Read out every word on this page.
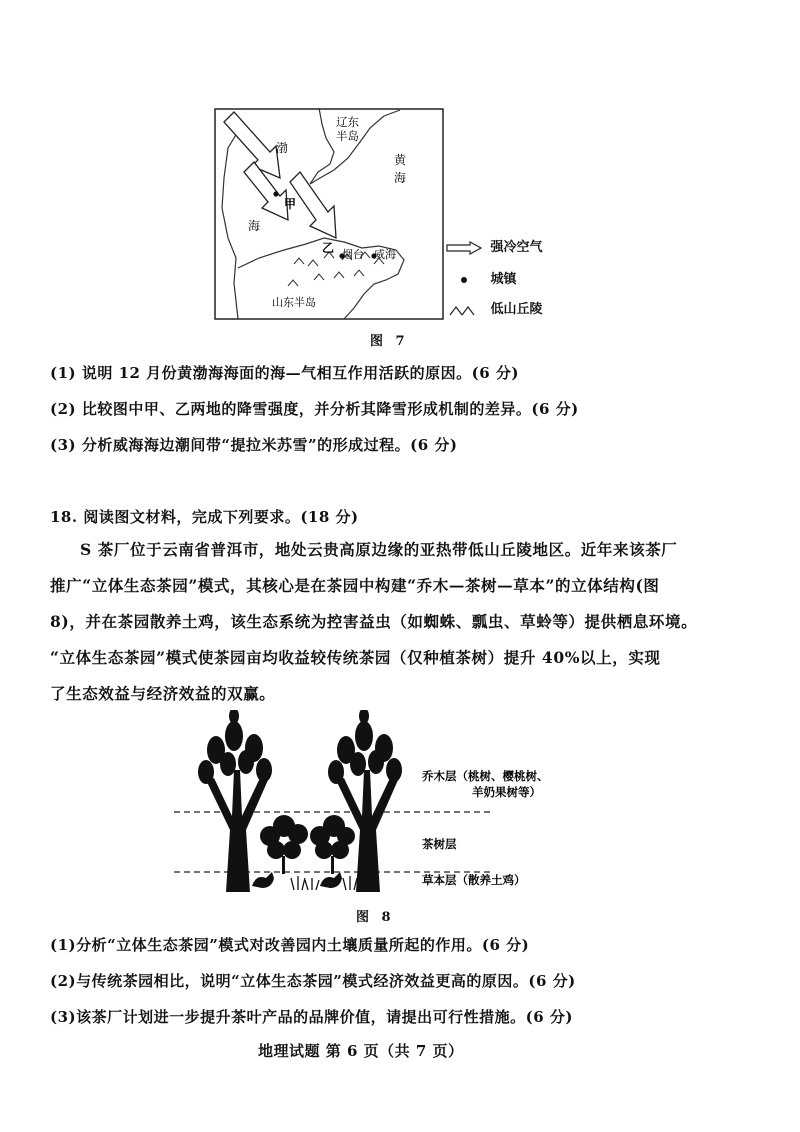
辽东
半岛
渤
海
黄
海
甲
乙 烟台 威海
山东半岛
强冷空气
城镇
低山丘陵
图 7
(1) 说明 12 月份黄渤海海面的海—气相互作用活跃的原因。(6 分)
(2) 比较图中甲、乙两地的降雪强度，并分析其降雪形成机制的差异。(6 分)
(3) 分析威海海边潮间带“提拉米苏雪”的形成过程。(6 分)
18. 阅读图文材料，完成下列要求。(18 分)

S 茶厂位于云南省普洱市，地处云贵高原边缘的亚热带低山丘陵地区。近年来该茶厂

推广“立体生态茶园”模式，其核心是在茶园中构建“乔木—茶树—草本”的立体结构(图

8)，并在茶园散养土鸡，该生态系统为控害益虫（如蜘蛛、瓢虫、草蛉等）提供栖息环境。

“立体生态茶园”模式使茶园亩均收益较传统茶园（仅种植茶树）提升 40%以上，实现

了生态效益与经济效益的双赢。

乔木层（桃树、樱桃树、
羊奶果树等）
茶树层
草本层（散养土鸡）
图 8
(1)分析“立体生态茶园”模式对改善园内土壤质量所起的作用。(6 分)
(2)与传统茶园相比，说明“立体生态茶园”模式经济效益更高的原因。(6 分)
(3)该茶厂计划进一步提升茶叶产品的品牌价值，请提出可行性措施。(6 分)
地理试题 第 6 页（共 7 页）
